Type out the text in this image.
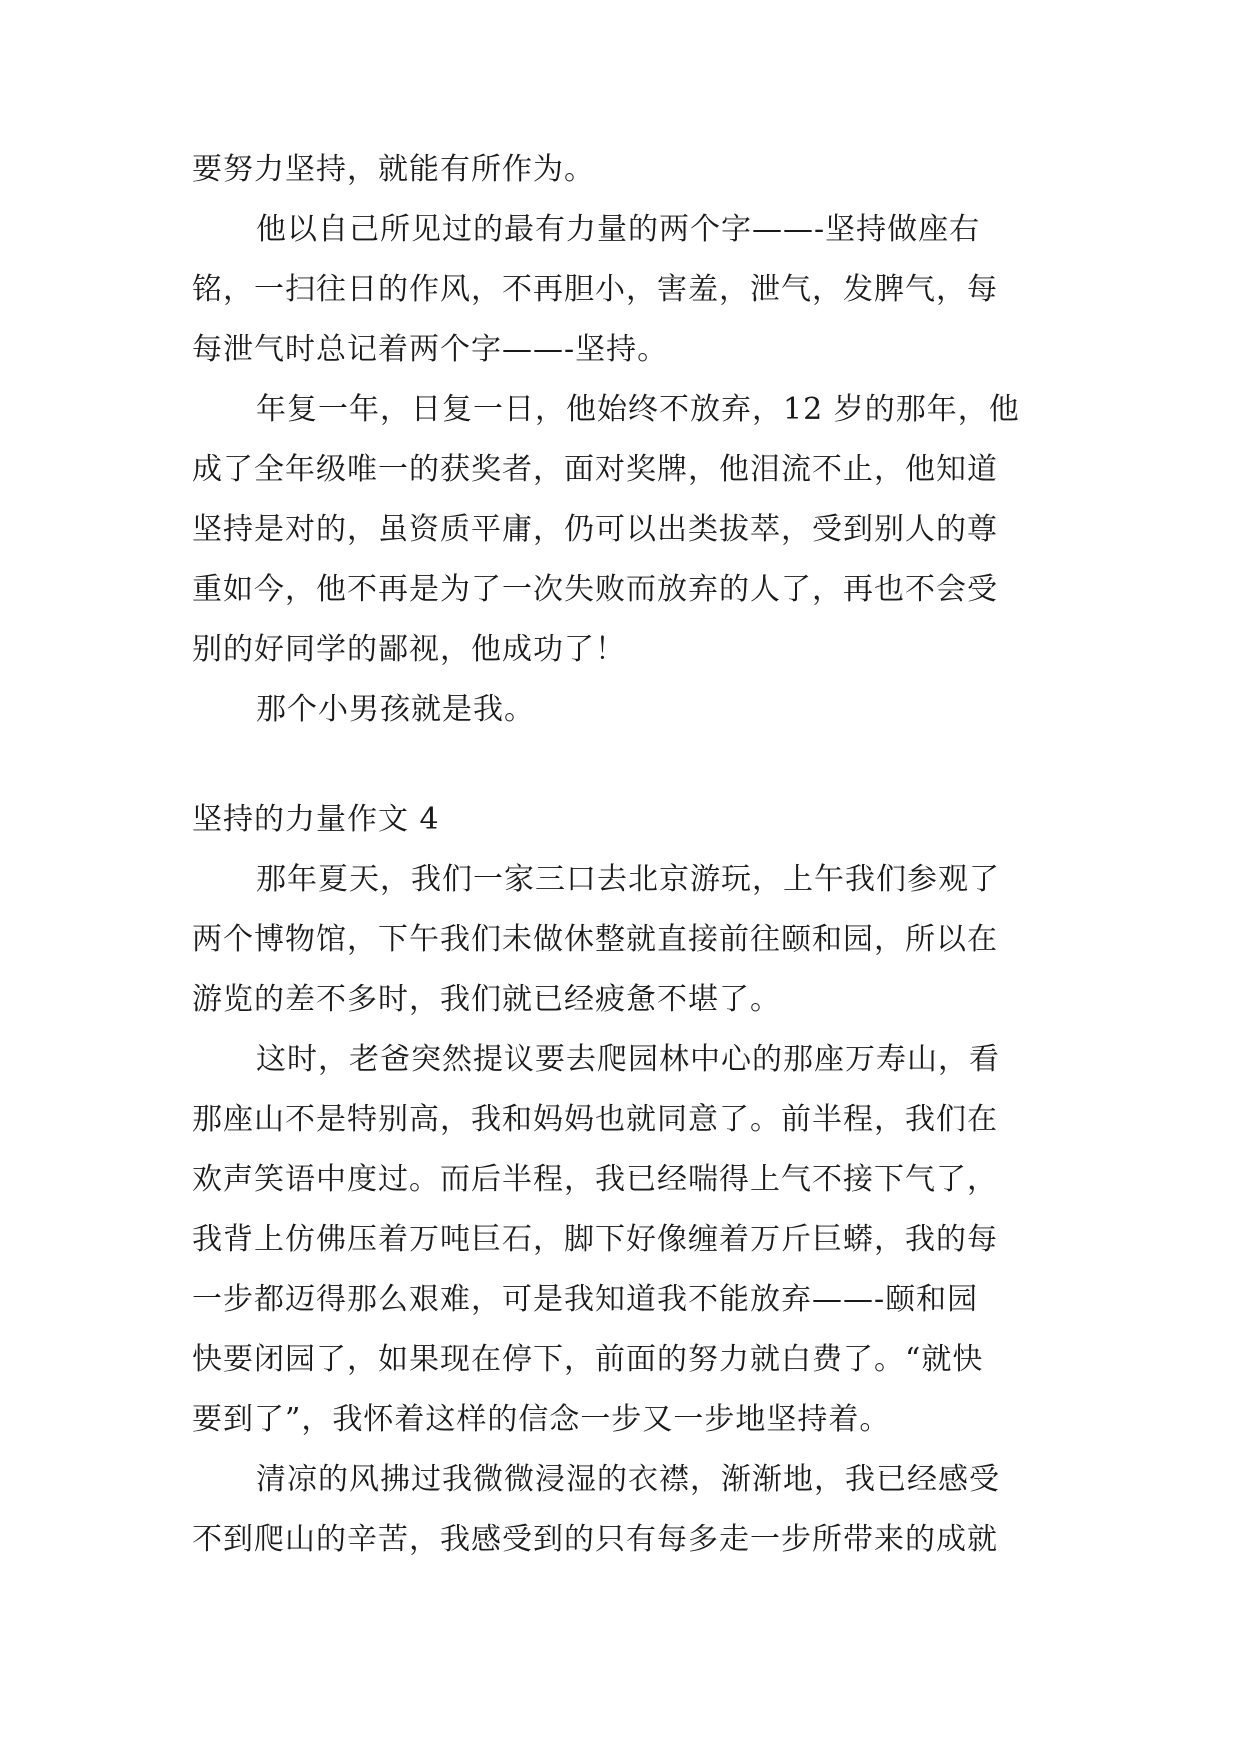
要努力坚持，就能有所作为。
他以自己所见过的最有力量的两个字——-坚持做座右
铭，一扫往日的作风，不再胆小，害羞，泄气，发脾气，每
每泄气时总记着两个字——-坚持。
年复一年，日复一日，他始终不放弃，12 岁的那年，他
成了全年级唯一的获奖者，面对奖牌，他泪流不止，他知道
坚持是对的，虽资质平庸，仍可以出类拔萃，受到别人的尊
重如今，他不再是为了一次失败而放弃的人了，再也不会受
别的好同学的鄙视，他成功了！
那个小男孩就是我。
坚持的力量作文 4
那年夏天，我们一家三口去北京游玩，上午我们参观了
两个博物馆，下午我们未做休整就直接前往颐和园，所以在
游览的差不多时，我们就已经疲惫不堪了。
这时，老爸突然提议要去爬园林中心的那座万寿山，看
那座山不是特别高，我和妈妈也就同意了。前半程，我们在
欢声笑语中度过。而后半程，我已经喘得上气不接下气了，
我背上仿佛压着万吨巨石，脚下好像缠着万斤巨蟒，我的每
一步都迈得那么艰难，可是我知道我不能放弃——-颐和园
快要闭园了，如果现在停下，前面的努力就白费了。“就快
要到了”，我怀着这样的信念一步又一步地坚持着。
清凉的风拂过我微微浸湿的衣襟，渐渐地，我已经感受
不到爬山的辛苦，我感受到的只有每多走一步所带来的成就
